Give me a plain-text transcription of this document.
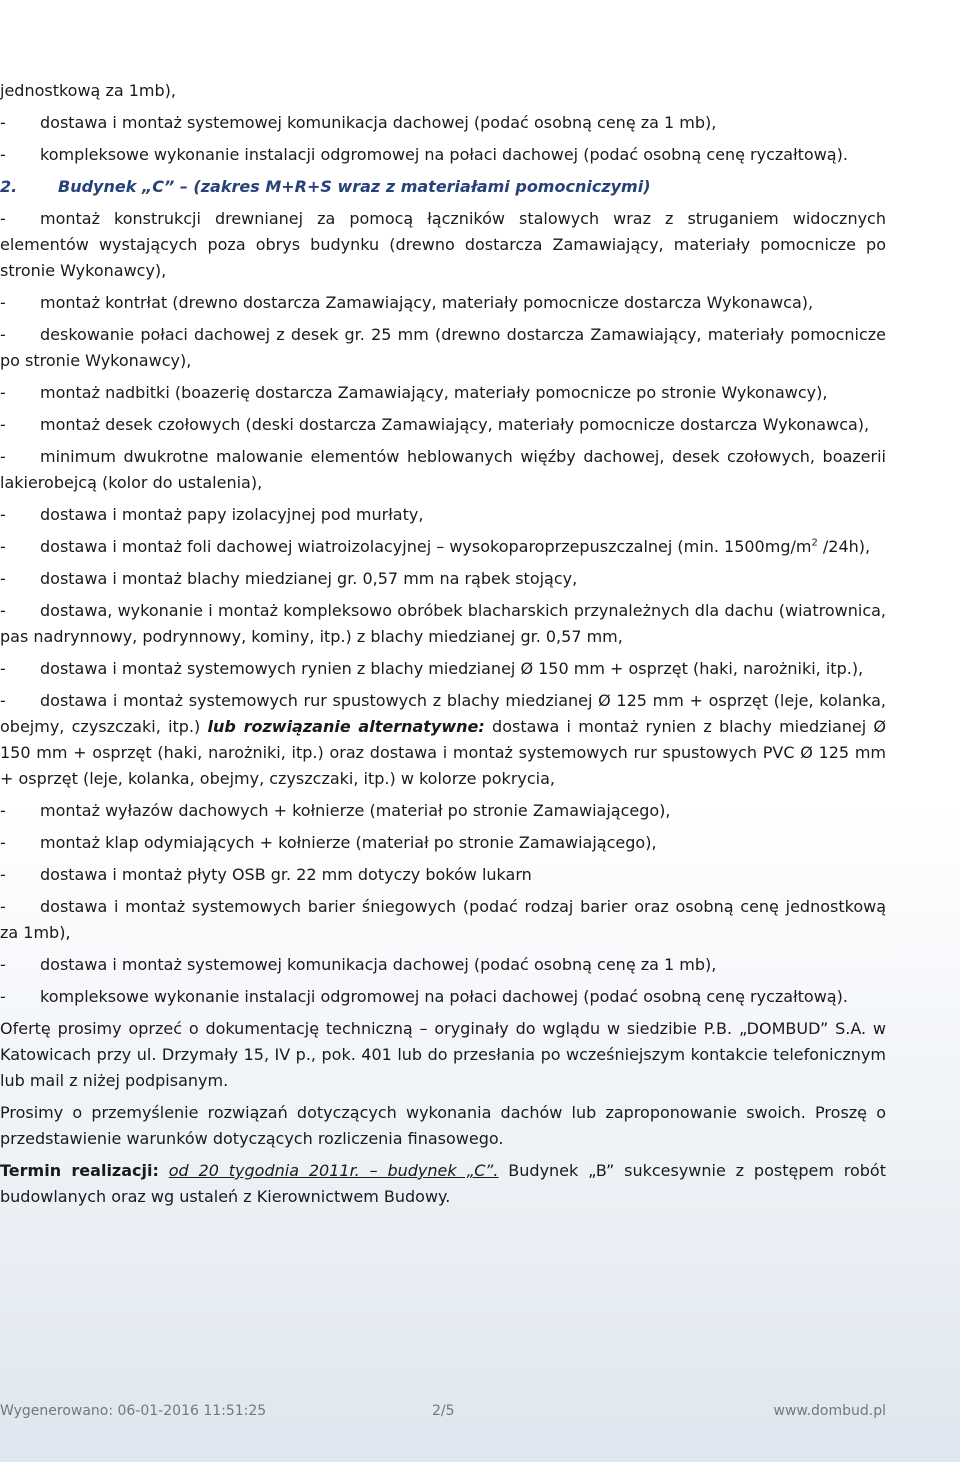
jednostkową za 1mb),

- dostawa i montaż systemowej komunikacja dachowej (podać osobną cenę za 1 mb),

- kompleksowe wykonanie instalacji odgromowej na połaci dachowej (podać osobną cenę ryczałtową).

2.	Budynek „C” – (zakres M+R+S wraz z materiałami pomocniczymi)

- montaż konstrukcji drewnianej za pomocą łączników stalowych wraz z struganiem widocznych elementów wystających poza obrys budynku (drewno dostarcza Zamawiający, materiały pomocnicze po stronie Wykonawcy),

- montaż kontrłat (drewno dostarcza Zamawiający, materiały pomocnicze dostarcza Wykonawca),

- deskowanie połaci dachowej z desek gr. 25 mm (drewno dostarcza Zamawiający, materiały pomocnicze po stronie Wykonawcy),

- montaż nadbitki (boazerię dostarcza Zamawiający, materiały pomocnicze po stronie Wykonawcy),

- montaż desek czołowych (deski dostarcza Zamawiający, materiały pomocnicze dostarcza Wykonawca),

- minimum dwukrotne malowanie elementów heblowanych więźby dachowej, desek czołowych, boazerii lakierobejcą (kolor do ustalenia),

- dostawa i montaż papy izolacyjnej pod murłaty,

- dostawa i montaż foli dachowej wiatroizolacyjnej – wysokoparoprzepuszczalnej (min. $1500mg/m^2$ /24h),

- dostawa i montaż blachy miedzianej gr. 0,57 mm na rąbek stojący,

- dostawa, wykonanie i montaż kompleksowo obróbek blacharskich przynależnych dla dachu (wiatrownica, pas nadrynnowy, podrynnowy, kominy, itp.) z blachy miedzianej gr. 0,57 mm,

- dostawa i montaż systemowych rynien z blachy miedzianej Ø 150 mm + osprzęt (haki, narożniki, itp.),

- dostawa i montaż systemowych rur spustowych z blachy miedzianej Ø 125 mm + osprzęt (leje, kolanka, obejmy, czyszczaki, itp.) lub rozwiązanie alternatywne: dostawa i montaż rynien z blachy miedzianej Ø 150 mm + osprzęt (haki, narożniki, itp.) oraz dostawa i montaż systemowych rur spustowych PVC Ø 125 mm + osprzęt (leje, kolanka, obejmy, czyszczaki, itp.) w kolorze pokrycia,

- montaż wyłazów dachowych + kołnierze (materiał po stronie Zamawiającego),

- montaż klap odymiających + kołnierze (materiał po stronie Zamawiającego),

- dostawa i montaż płyty OSB gr. 22 mm dotyczy boków lukarn

- dostawa i montaż systemowych barier śniegowych (podać rodzaj barier oraz osobną cenę jednostkową za 1mb),

- dostawa i montaż systemowej komunikacja dachowej (podać osobną cenę za 1 mb),

- kompleksowe wykonanie instalacji odgromowej na połaci dachowej (podać osobną cenę ryczałtową).

Ofertę prosimy oprzeć o dokumentację techniczną – oryginały do wglądu w siedzibie P.B. „DOMBUD” S.A. w Katowicach przy ul. Drzymały 15, IV p., pok. 401 lub do przesłania po wcześniejszym kontakcie telefonicznym lub mail z niżej podpisanym.

Prosimy o przemyślenie rozwiązań dotyczących wykonania dachów lub zaproponowanie swoich. Proszę o przedstawienie warunków dotyczących rozliczenia finasowego.

Termin realizacji: od 20 tygodnia 2011r. – budynek „C”. Budynek „B” sukcesywnie z postępem robót budowlanych oraz wg ustaleń z Kierownictwem Budowy.

Wygenerowano: 06-01-2016 11:51:25	2/5	www.dombud.pl
